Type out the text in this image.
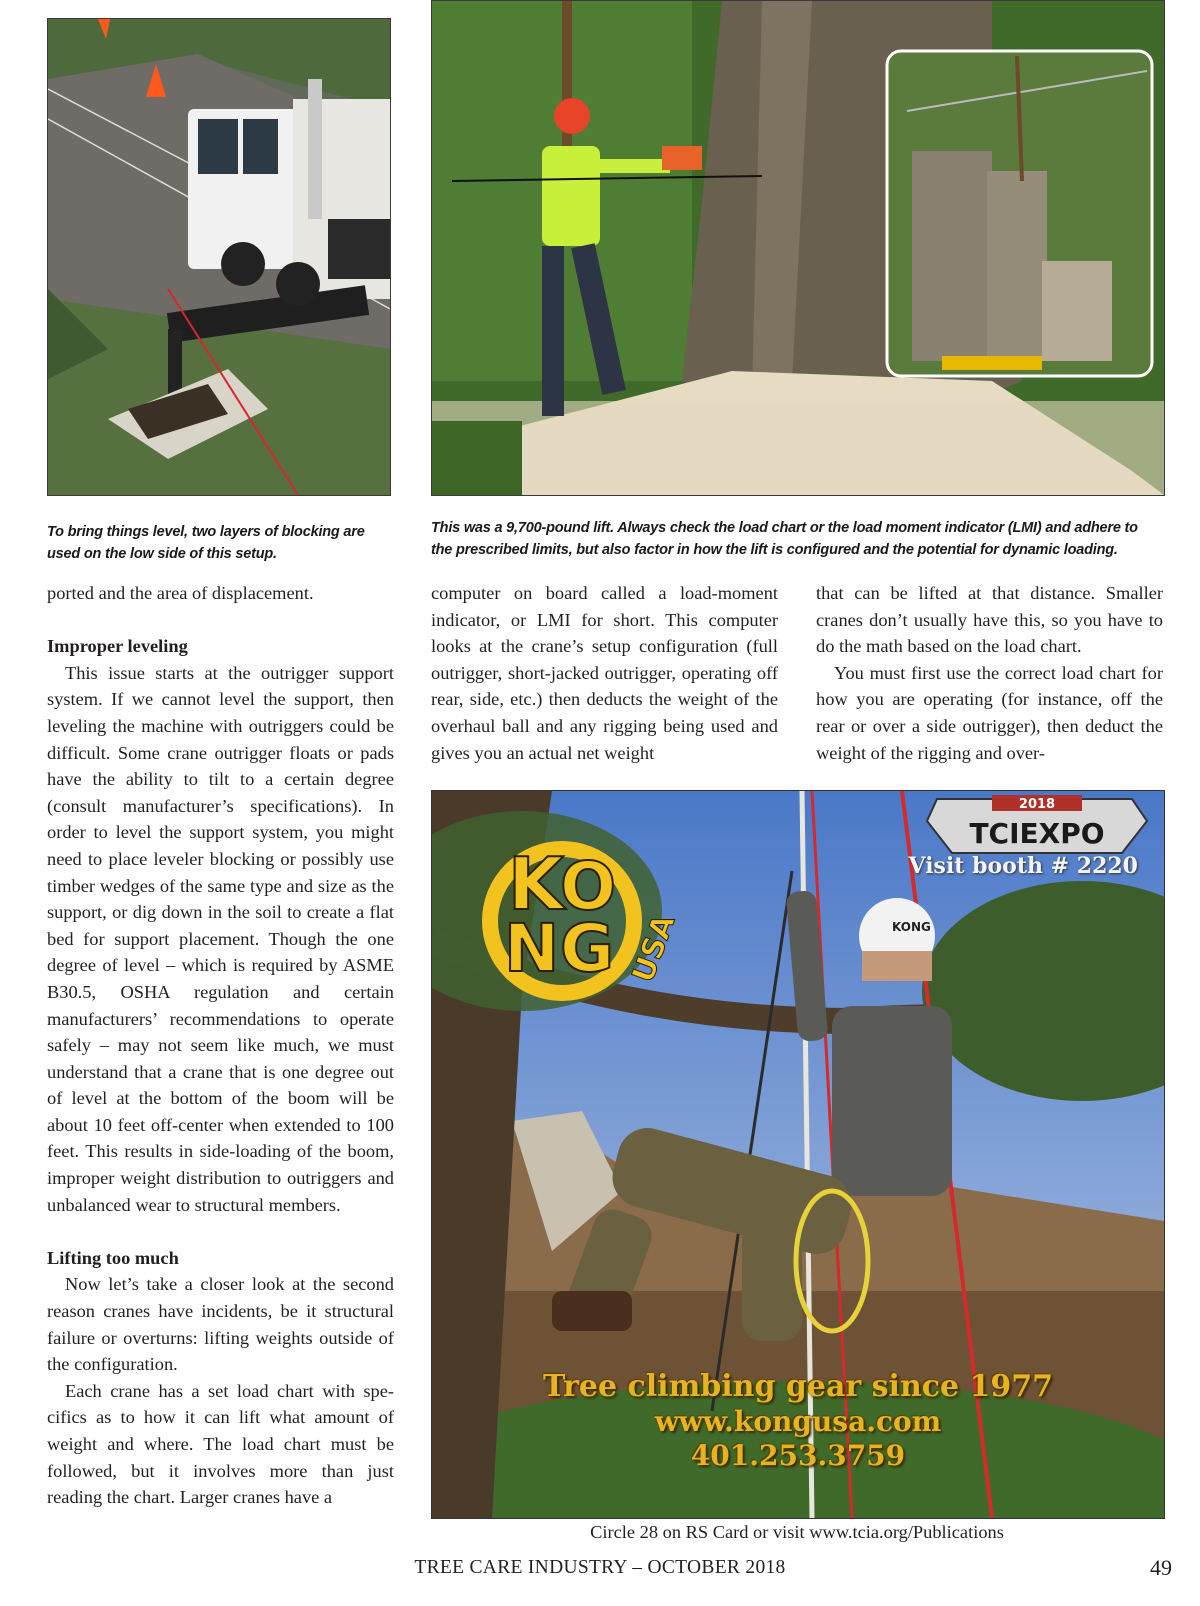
To bring things level, two layers of blocking are used on the low side of this setup.
This was a 9,700-pound lift. Always check the load chart or the load moment indicator (LMI) and adhere to the prescribed limits, but also factor in how the lift is configured and the potential for dynamic loading.

ported and the area of displacement.

Improper leveling

This issue starts at the outrigger support system. If we cannot level the support, then leveling the machine with outriggers could be difficult. Some crane outrigger floats or pads have the ability to tilt to a certain degree (consult manufacturer’s specifications). In order to level the support system, you might need to place leveler blocking or possibly use timber wedges of the same type and size as the support, or dig down in the soil to create a flat bed for support placement. Though the one degree of level – which is required by ASME B30.5, OSHA regulation and certain manufacturers’ recommendations to operate safely – may not seem like much, we must understand that a crane that is one degree out of level at the bottom of the boom will be about 10 feet off-center when extended to 100 feet. This results in side-loading of the boom, improper weight distribution to outriggers and unbalanced wear to structural members.

Lifting too much

Now let’s take a closer look at the second reason cranes have incidents, be it structural failure or overturns: lifting weights outside of the configuration.

Each crane has a set load chart with specifics as to how it can lift what amount of weight and where. The load chart must be followed, but it involves more than just reading the chart. Larger cranes have a

computer on board called a load-moment indicator, or LMI for short. This computer looks at the crane’s setup configuration (full outrigger, short-jacked outrigger, operating off rear, side, etc.) then deducts the weight of the overhaul ball and any rigging being used and gives you an actual net weight

that can be lifted at that distance. Smaller cranes don’t usually have this, so you have to do the math based on the load chart.

You must first use the correct load chart for how you are operating (for instance, off the rear or over a side outrigger), then deduct the weight of the rigging and over-

K
O
N G USA	KONG
2018
TCIEXPO
Visit booth # 2220
Tree climbing gear since 1977
www.kongusa.com
401.253.3759
Circle 28 on RS Card or visit www.tcia.org/Publications
TREE CARE INDUSTRY – OCTOBER 2018	49
